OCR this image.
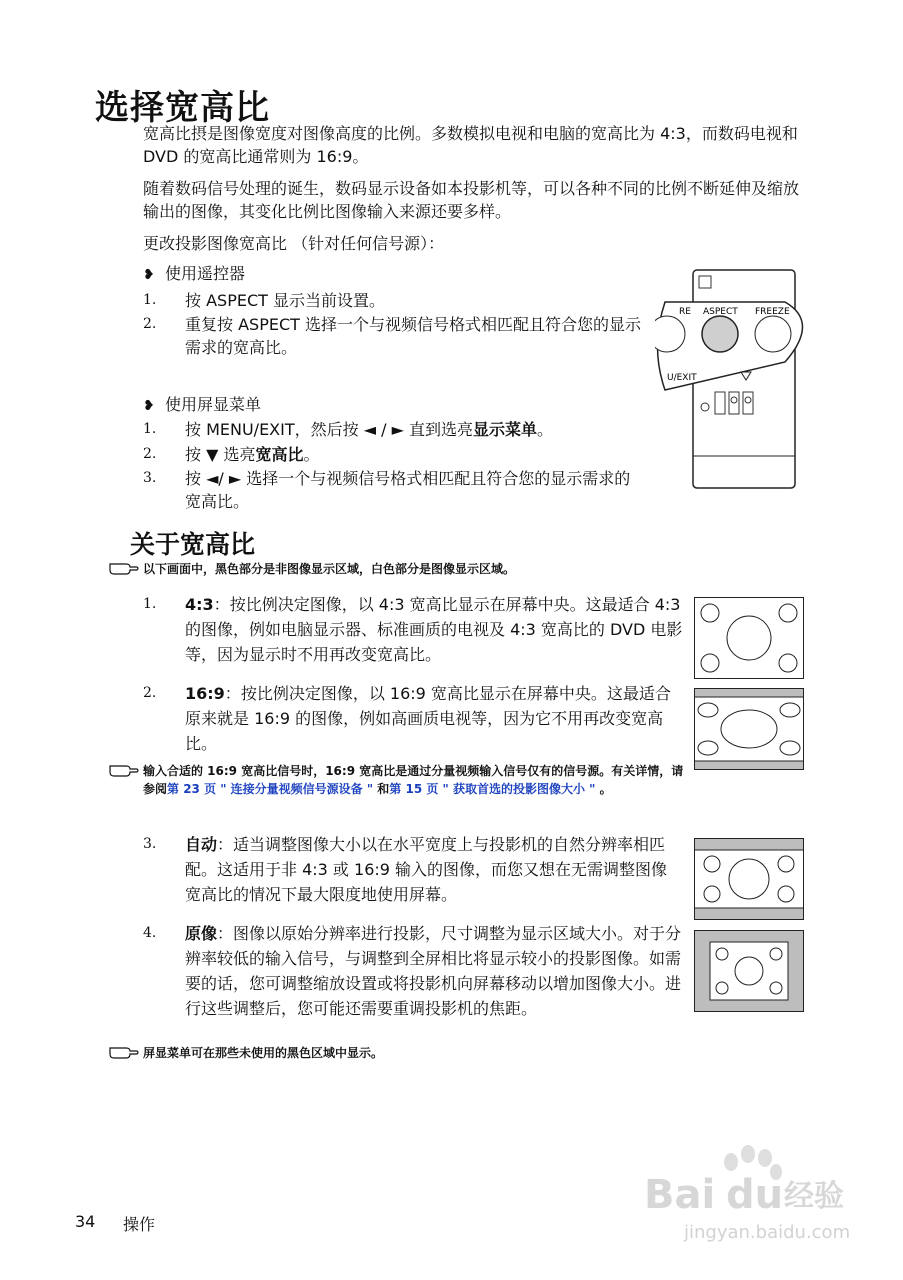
选择宽高比
宽高比摂是图像宽度对图像高度的比例。多数模拟电视和电脑的宽高比为 4:3，而数码电视和 DVD 的宽高比通常则为 16:9。
随着数码信号处理的诞生，数码显示设备如本投影机等，可以各种不同的比例不断延伸及缩放输出的图像，其变化比例比图像输入来源还要多样。
更改投影图像宽高比 （针对任何信号源）：
❥ 使用遥控器
1. 按 ASPECT 显示当前设置。
2. 重复按 ASPECT 选择一个与视频信号格式相匹配且符合您的显示需求的宽高比。
❥ 使用屏显菜单
1. 按 MENU/EXIT，然后按 ◄ / ► 直到选亮显示菜单。
2. 按 ▼ 选亮宽高比。
3. 按 ◄/ ► 选择一个与视频信号格式相匹配且符合您的显示需求的宽高比。
RE ASPECT FREEZE
U/EXIT
关于宽高比
以下画面中，黑色部分是非图像显示区域，白色部分是图像显示区域。
1. 4:3：按比例决定图像，以 4:3 宽高比显示在屏幕中央。这最适合 4:3 的图像，例如电脑显示器、标准画质的电视及 4:3 宽高比的 DVD 电影等，因为显示时不用再改变宽高比。
2. 16:9：按比例决定图像，以 16:9 宽高比显示在屏幕中央。这最适合原来就是 16:9 的图像，例如高画质电视等，因为它不用再改变宽高比。
输入合适的 16:9 宽高比信号时，16:9 宽高比是通过分量视频输入信号仅有的信号源。有关详情，请参阅第 23 页 " 连接分量视频信号源设备 " 和第 15 页 " 获取首选的投影图像大小 " 。
3. 自动：适当调整图像大小以在水平宽度上与投影机的自然分辨率相匹配。这适用于非 4:3 或 16:9 输入的图像，而您又想在无需调整图像宽高比的情况下最大限度地使用屏幕。
4. 原像：图像以原始分辨率进行投影，尺寸调整为显示区域大小。对于分辨率较低的输入信号，与调整到全屏相比将显示较小的投影图像。如需要的话，您可调整缩放设置或将投影机向屏幕移动以增加图像大小。进行这些调整后，您可能还需要重调投影机的焦距。
屏显菜单可在那些未使用的黑色区域中显示。
Bai du 经验
jingyan.baidu.com
34 操作
